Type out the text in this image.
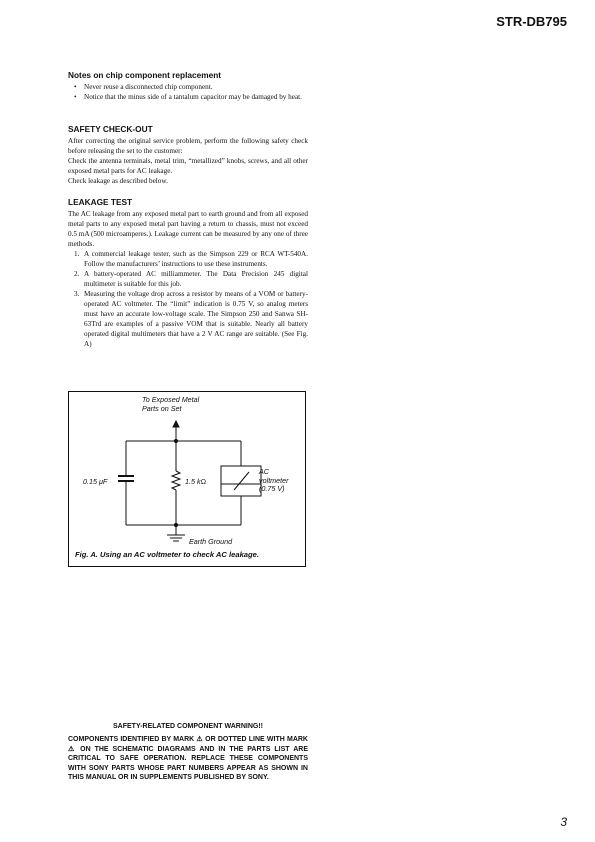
STR-DB795
Notes on chip component replacement
• Never reuse a disconnected chip component.
• Notice that the minus side of a tantalum capacitor may be damaged by heat.
SAFETY CHECK-OUT

After correcting the original service problem, perform the following safety check before releasing the set to the customer:

Check the antenna terminals, metal trim, “metallized” knobs, screws, and all other exposed metal parts for AC leakage.

Check leakage as described below.

LEAKAGE TEST

The AC leakage from any exposed metal part to earth ground and from all exposed metal parts to any exposed metal part having a return to chassis, must not exceed 0.5 mA (500 microamperes.). Leakage current can be measured by any one of three methods.

1. A commercial leakage tester, such as the Simpson 229 or RCA WT-540A. Follow the manufacturers’ instructions to use these instruments.
2. A battery-operated AC milliammeter. The Data Precision 245 digital multimeter is suitable for this job.
3. Measuring the voltage drop across a resistor by means of a VOM or battery-operated AC voltmeter. The “limit” indication is 0.75 V, so analog meters must have an accurate low-voltage scale. The Simpson 250 and Sanwa SH-63Trd are examples of a passive VOM that is suitable. Nearly all battery operated digital multimeters that have a 2 V AC range are suitable. (See Fig. A)
To Exposed Metal
Parts on Set
0.15 μF	1.5 kΩ
AC
voltmeter
(0.75 V)
Earth Ground
Fig. A. Using an AC voltmeter to check AC leakage.
SAFETY-RELATED COMPONENT WARNING!!
COMPONENTS IDENTIFIED BY MARK ⚠ OR DOTTED LINE WITH MARK ⚠ ON THE SCHEMATIC DIAGRAMS AND IN THE PARTS LIST ARE CRITICAL TO SAFE OPERATION. REPLACE THESE COMPONENTS WITH SONY PARTS WHOSE PART NUMBERS APPEAR AS SHOWN IN THIS MANUAL OR IN SUPPLEMENTS PUBLISHED BY SONY.
3
